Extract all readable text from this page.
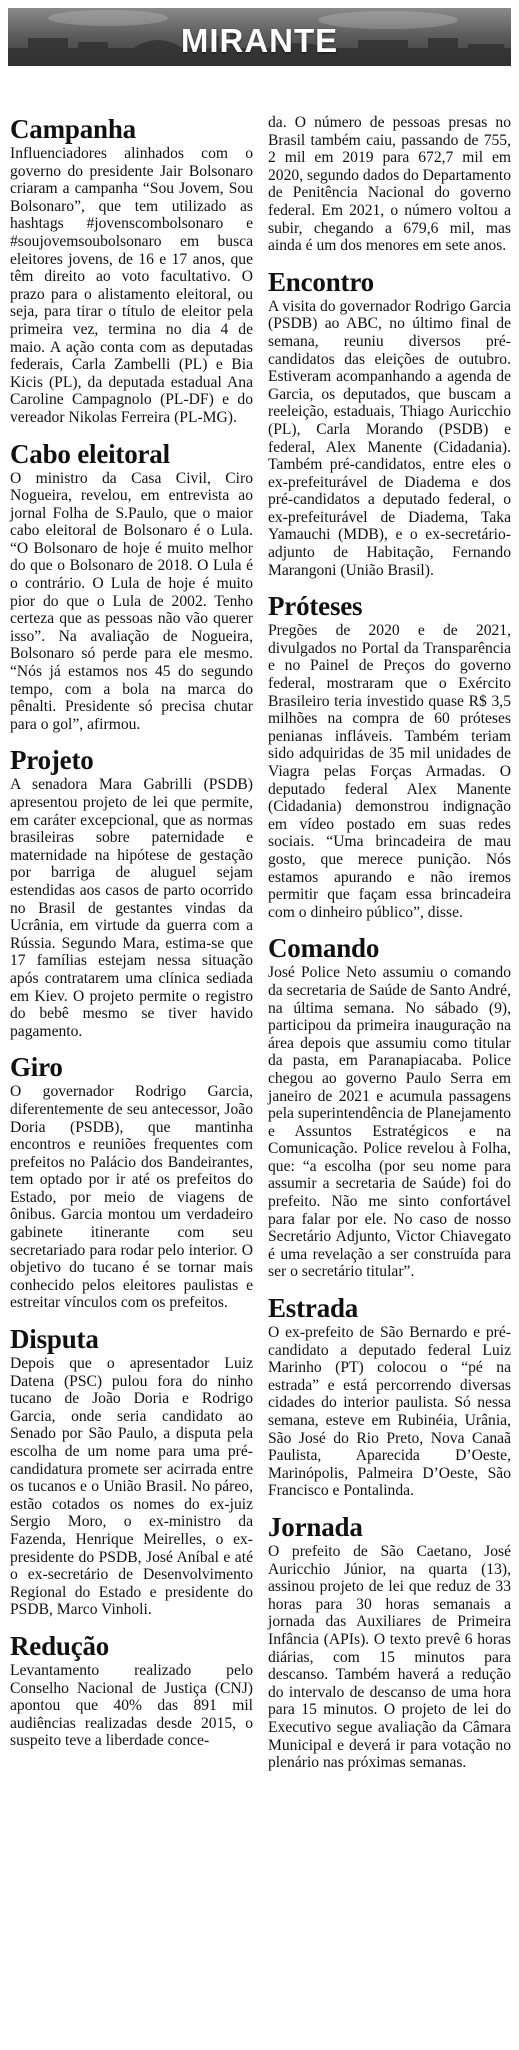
MIRANTE
Campanha

Influenciadores alinhados com o governo do presidente Jair Bolsonaro criaram a campanha “Sou Jovem, Sou Bolsonaro”, que tem utilizado as hashtags #jovenscombolsonaro e #soujovemsoubolsonaro em busca eleitores jovens, de 16 e 17 anos, que têm direito ao voto facultativo. O prazo para o alistamento eleitoral, ou seja, para tirar o título de eleitor pela primeira vez, termina no dia 4 de maio. A ação conta com as deputadas federais, Carla Zambelli (PL) e Bia Kicis (PL), da deputada estadual Ana Caroline Campagnolo (PL-DF) e do vereador Nikolas Ferreira (PL-MG).

Cabo eleitoral

O ministro da Casa Civil, Ciro Nogueira, revelou, em entrevista ao jornal Folha de S.Paulo, que o maior cabo eleitoral de Bolsonaro é o Lula. “O Bolsonaro de hoje é muito melhor do que o Bolsonaro de 2018. O Lula é o contrário. O Lula de hoje é muito pior do que o Lula de 2002. Tenho certeza que as pessoas não vão querer isso”. Na avaliação de Nogueira, Bolsonaro só perde para ele mesmo. “Nós já estamos nos 45 do segundo tempo, com a bola na marca do pênalti. Presidente só precisa chutar para o gol”, afirmou.

Projeto

A senadora Mara Gabrilli (PSDB) apresentou projeto de lei que permite, em caráter excepcional, que as normas brasileiras sobre paternidade e maternidade na hipótese de gestação por barriga de aluguel sejam estendidas aos casos de parto ocorrido no Brasil de gestantes vindas da Ucrânia, em virtude da guerra com a Rússia. Segundo Mara, estima-se que 17 famílias estejam nessa situação após contratarem uma clínica sediada em Kiev. O projeto permite o registro do bebê mesmo se tiver havido pagamento.

Giro

O governador Rodrigo Garcia, diferentemente de seu antecessor, João Doria (PSDB), que mantinha encontros e reuniões frequentes com prefeitos no Palácio dos Bandeirantes, tem optado por ir até os prefeitos do Estado, por meio de viagens de ônibus. Garcia montou um verdadeiro gabinete itinerante com seu secretariado para rodar pelo interior. O objetivo do tucano é se tornar mais conhecido pelos eleitores paulistas e estreitar vínculos com os prefeitos.

Disputa

Depois que o apresentador Luiz Datena (PSC) pulou fora do ninho tucano de João Doria e Rodrigo Garcia, onde seria candidato ao Senado por São Paulo, a disputa pela escolha de um nome para uma pré-candidatura promete ser acirrada entre os tucanos e o União Brasil. No páreo, estão cotados os nomes do ex-juiz Sergio Moro, o ex-ministro da Fazenda, Henrique Meirelles, o ex-presidente do PSDB, José Aníbal e até o ex-secretário de Desenvolvimento Regional do Estado e presidente do PSDB, Marco Vinholi.

Redução

Levantamento realizado pelo Conselho Nacional de Justiça (CNJ) apontou que 40% das 891 mil audiências realizadas desde 2015, o suspeito teve a liberdade conce-

da. O número de pessoas presas no Brasil também caiu, passando de 755, 2 mil em 2019 para 672,7 mil em 2020, segundo dados do Departamento de Penitência Nacional do governo federal. Em 2021, o número voltou a subir, chegando a 679,6 mil, mas ainda é um dos menores em sete anos.

Encontro

A visita do governador Rodrigo Garcia (PSDB) ao ABC, no último final de semana, reuniu diversos pré-candidatos das eleições de outubro. Estiveram acompanhando a agenda de Garcia, os deputados, que buscam a reeleição, estaduais, Thiago Auricchio (PL), Carla Morando (PSDB) e federal, Alex Manente (Cidadania). Também pré-candidatos, entre eles o ex-prefeiturável de Diadema e dos pré-candidatos a deputado federal, o ex-prefeiturável de Diadema, Taka Yamauchi (MDB), e o ex-secretário-adjunto de Habitação, Fernando Marangoni (União Brasil).

Próteses

Pregões de 2020 e de 2021, divulgados no Portal da Transparência e no Painel de Preços do governo federal, mostraram que o Exército Brasileiro teria investido quase R$ 3,5 milhões na compra de 60 próteses penianas infláveis. Também teriam sido adquiridas de 35 mil unidades de Viagra pelas Forças Armadas. O deputado federal Alex Manente (Cidadania) demonstrou indignação em vídeo postado em suas redes sociais. “Uma brincadeira de mau gosto, que merece punição. Nós estamos apurando e não iremos permitir que façam essa brincadeira com o dinheiro público”, disse.

Comando

José Police Neto assumiu o comando da secretaria de Saúde de Santo André, na última semana. No sábado (9), participou da primeira inauguração na área depois que assumiu como titular da pasta, em Paranapiacaba. Police chegou ao governo Paulo Serra em janeiro de 2021 e acumula passagens pela superintendência de Planejamento e Assuntos Estratégicos e na Comunicação. Police revelou à Folha, que: “a escolha (por seu nome para assumir a secretaria de Saúde) foi do prefeito. Não me sinto confortável para falar por ele. No caso de nosso Secretário Adjunto, Victor Chiavegato é uma revelação a ser construída para ser o secretário titular”.

Estrada

O ex-prefeito de São Bernardo e pré-candidato a deputado federal Luiz Marinho (PT) colocou o “pé na estrada” e está percorrendo diversas cidades do interior paulista. Só nessa semana, esteve em Rubinéia, Urânia, São José do Rio Preto, Nova Canaã Paulista, Aparecida D’Oeste, Marinópolis, Palmeira D’Oeste, São Francisco e Pontalinda.

Jornada

O prefeito de São Caetano, José Auricchio Júnior, na quarta (13), assinou projeto de lei que reduz de 33 horas para 30 horas semanais a jornada das Auxiliares de Primeira Infância (APIs). O texto prevê 6 horas diárias, com 15 minutos para descanso. Também haverá a redução do intervalo de descanso de uma hora para 15 minutos. O projeto de lei do Executivo segue avaliação da Câmara Municipal e deverá ir para votação no plenário nas próximas semanas.
